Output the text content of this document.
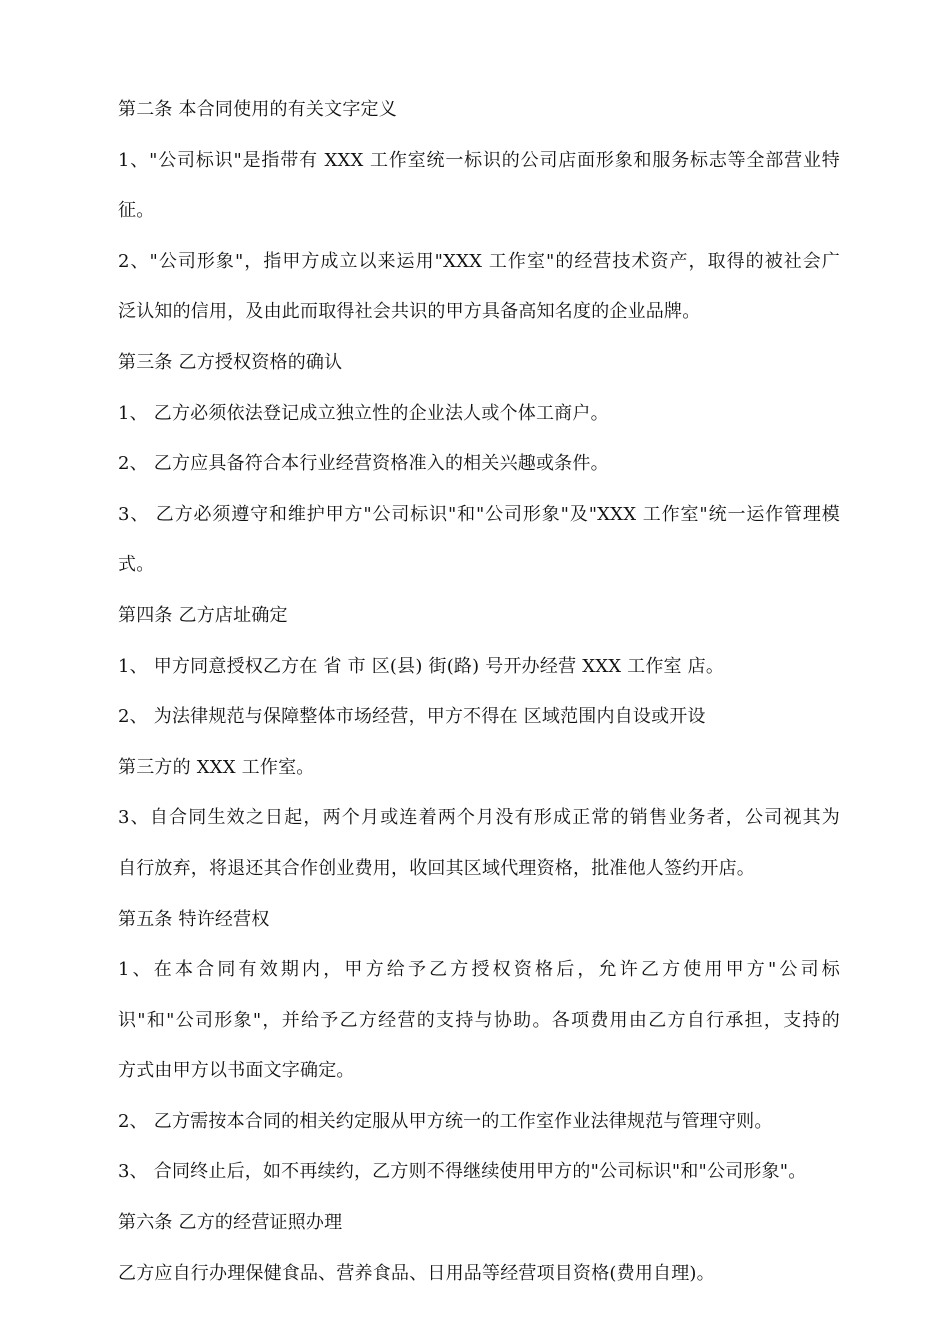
第二条 本合同使用的有关文字定义
1、"公司标识"是指带有 XXX 工作室统一标识的公司店面形象和服务标志等全部营业特
征。
2、"公司形象"，指甲方成立以来运用"XXX 工作室"的经营技术资产，取得的被社会广
泛认知的信用，及由此而取得社会共识的甲方具备高知名度的企业品牌。
第三条 乙方授权资格的确认
1、 乙方必须依法登记成立独立性的企业法人或个体工商户。
2、 乙方应具备符合本行业经营资格准入的相关兴趣或条件。
3、 乙方必须遵守和维护甲方"公司标识"和"公司形象"及"XXX 工作室"统一运作管理模
式。
第四条 乙方店址确定
1、 甲方同意授权乙方在 省 市 区(县) 街(路) 号开办经营 XXX 工作室 店。
2、 为法律规范与保障整体市场经营，甲方不得在 区域范围内自设或开设
第三方的 XXX 工作室。
3、自合同生效之日起，两个月或连着两个月没有形成正常的销售业务者，公司视其为
自行放弃，将退还其合作创业费用，收回其区域代理资格，批准他人签约开店。
第五条 特许经营权
1、在本合同有效期内，甲方给予乙方授权资格后，允许乙方使用甲方"公司标
识"和"公司形象"，并给予乙方经营的支持与协助。各项费用由乙方自行承担，支持的
方式由甲方以书面文字确定。
2、 乙方需按本合同的相关约定服从甲方统一的工作室作业法律规范与管理守则。
3、 合同终止后，如不再续约，乙方则不得继续使用甲方的"公司标识"和"公司形象"。
第六条 乙方的经营证照办理
乙方应自行办理保健食品、营养食品、日用品等经营项目资格(费用自理)。
